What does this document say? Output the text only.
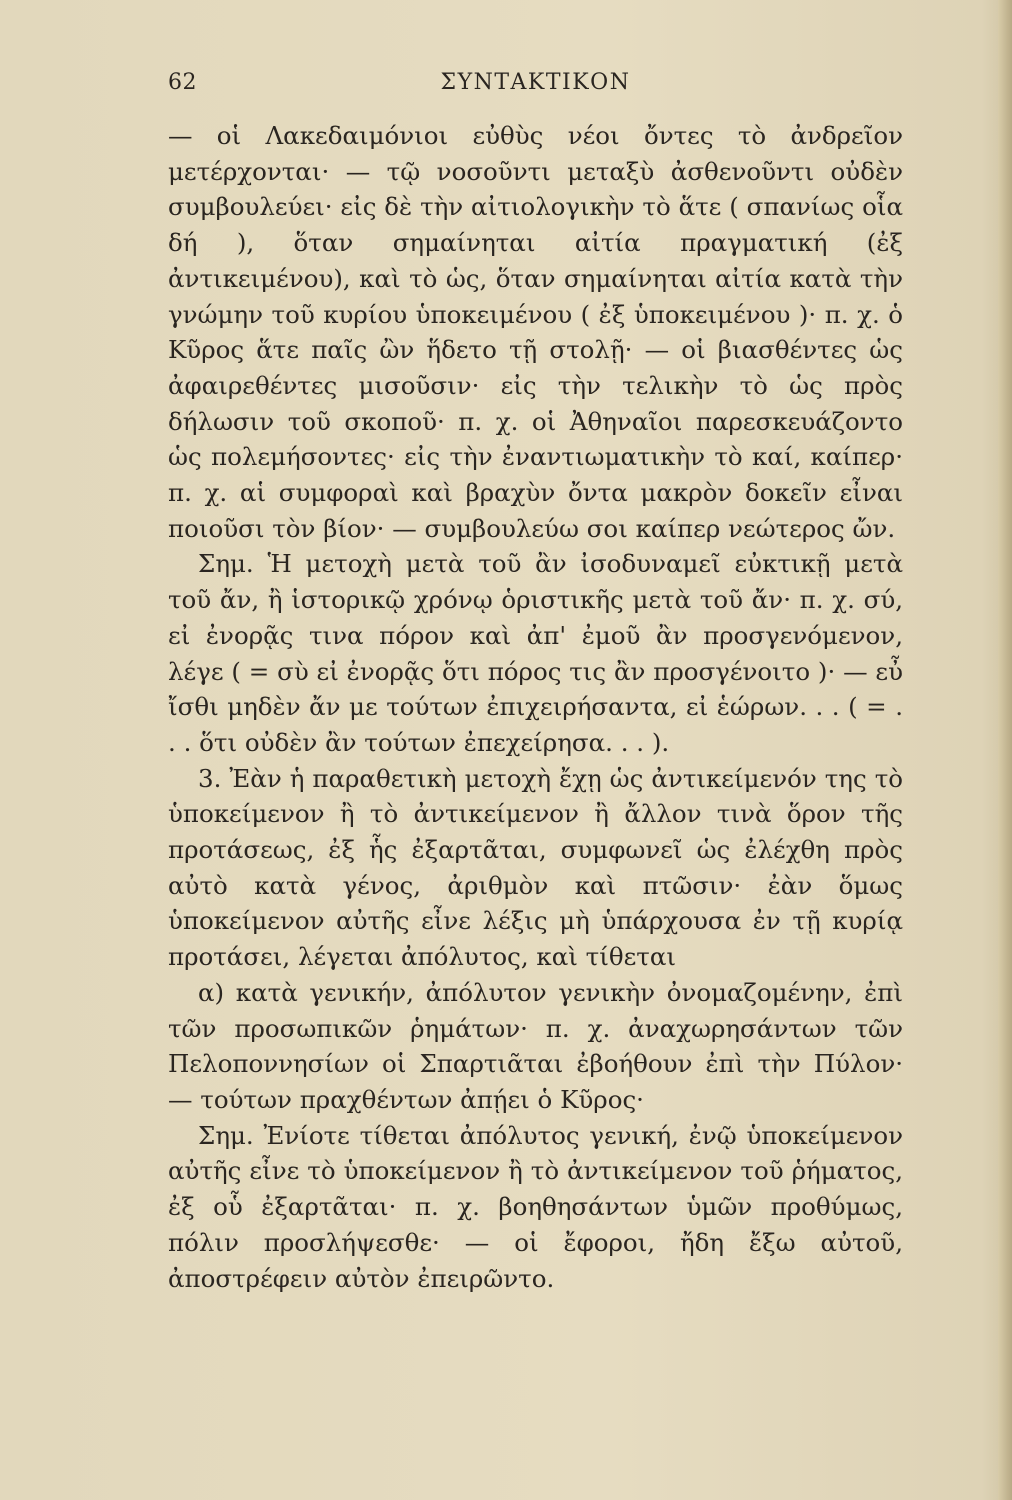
62	ΣΥΝΤΑΚΤΙΚΟΝ

— οἱ Λακεδαιμόνιοι εὐθὺς νέοι ὄντες τὸ ἀνδρεῖον μετέρχονται· — τῷ νοσοῦντι μεταξὺ ἀσθενοῦντι οὐδὲν συμβουλεύει· εἰς δὲ τὴν αἰτιολογικὴν τὸ ἅτε ( σπανίως οἷα δή ), ὅταν σημαίνηται αἰτία πραγματική (ἐξ ἀντικειμένου), καὶ τὸ ὡς, ὅταν σημαίνηται αἰτία κατὰ τὴν γνώμην τοῦ κυρίου ὑποκειμένου ( ἐξ ὑποκειμένου )· π. χ. ὁ Κῦρος ἅτε παῖς ὢν ἥδετο τῇ στολῇ· — οἱ βιασθέντες ὡς ἀφαιρεθέντες μισοῦσιν· εἰς τὴν τελικὴν τὸ ὡς πρὸς δήλωσιν τοῦ σκοποῦ· π. χ. οἱ Ἀθηναῖοι παρεσκευάζοντο ὡς πολεμήσοντες· εἰς τὴν ἐναντιωματικὴν τὸ καί, καίπερ· π. χ. αἱ συμφοραὶ καὶ βραχὺν ὄντα μακρὸν δοκεῖν εἶναι ποιοῦσι τὸν βίον· — συμβουλεύω σοι καίπερ νεώτερος ὤν.

Σημ. Ἡ μετοχὴ μετὰ τοῦ ἂν ἰσοδυναμεῖ εὐκτικῇ μετὰ τοῦ ἄν, ἢ ἱστορικῷ χρόνῳ ὁριστικῆς μετὰ τοῦ ἄν· π. χ. σύ, εἰ ἐνορᾷς τινα πόρον καὶ ἀπ' ἐμοῦ ἂν προσγενόμενον, λέγε ( = σὺ εἰ ἐνορᾷς ὅτι πόρος τις ἂν προσγένοιτο )· — εὖ ἴσθι μηδὲν ἄν με τούτων ἐπιχειρήσαντα, εἰ ἑώρων. . . ( = . . . ὅτι οὐδὲν ἂν τούτων ἐπεχείρησα. . . ).

3. Ἐὰν ἡ παραθετικὴ μετοχὴ ἔχῃ ὡς ἀντικείμενόν της τὸ ὑποκείμενον ἢ τὸ ἀντικείμενον ἢ ἄλλον τινὰ ὅρον τῆς προτάσεως, ἐξ ἧς ἐξαρτᾶται, συμφωνεῖ ὡς ἐλέχθη πρὸς αὐτὸ κατὰ γένος, ἀριθμὸν καὶ πτῶσιν· ἐὰν ὅμως ὑποκείμενον αὐτῆς εἶνε λέξις μὴ ὑπάρχουσα ἐν τῇ κυρίᾳ προτάσει, λέγεται ἀπόλυτος, καὶ τίθεται

α) κατὰ γενικήν, ἀπόλυτον γενικὴν ὀνομαζομένην, ἐπὶ τῶν προσωπικῶν ῥημάτων· π. χ. ἀναχωρησάντων τῶν Πελοποννησίων οἱ Σπαρτιᾶται ἐβοήθουν ἐπὶ τὴν Πύλον· — τούτων πραχθέντων ἀπῄει ὁ Κῦρος·

Σημ. Ἐνίοτε τίθεται ἀπόλυτος γενική, ἐνῷ ὑποκείμενον αὐτῆς εἶνε τὸ ὑποκείμενον ἢ τὸ ἀντικείμενον τοῦ ῥήματος, ἐξ οὗ ἐξαρτᾶται· π. χ. βοηθησάντων ὑμῶν προθύμως, πόλιν προσλήψεσθε· — οἱ ἔφοροι, ἤδη ἔξω αὐτοῦ, ἀποστρέφειν αὐτὸν ἐπειρῶντο.
